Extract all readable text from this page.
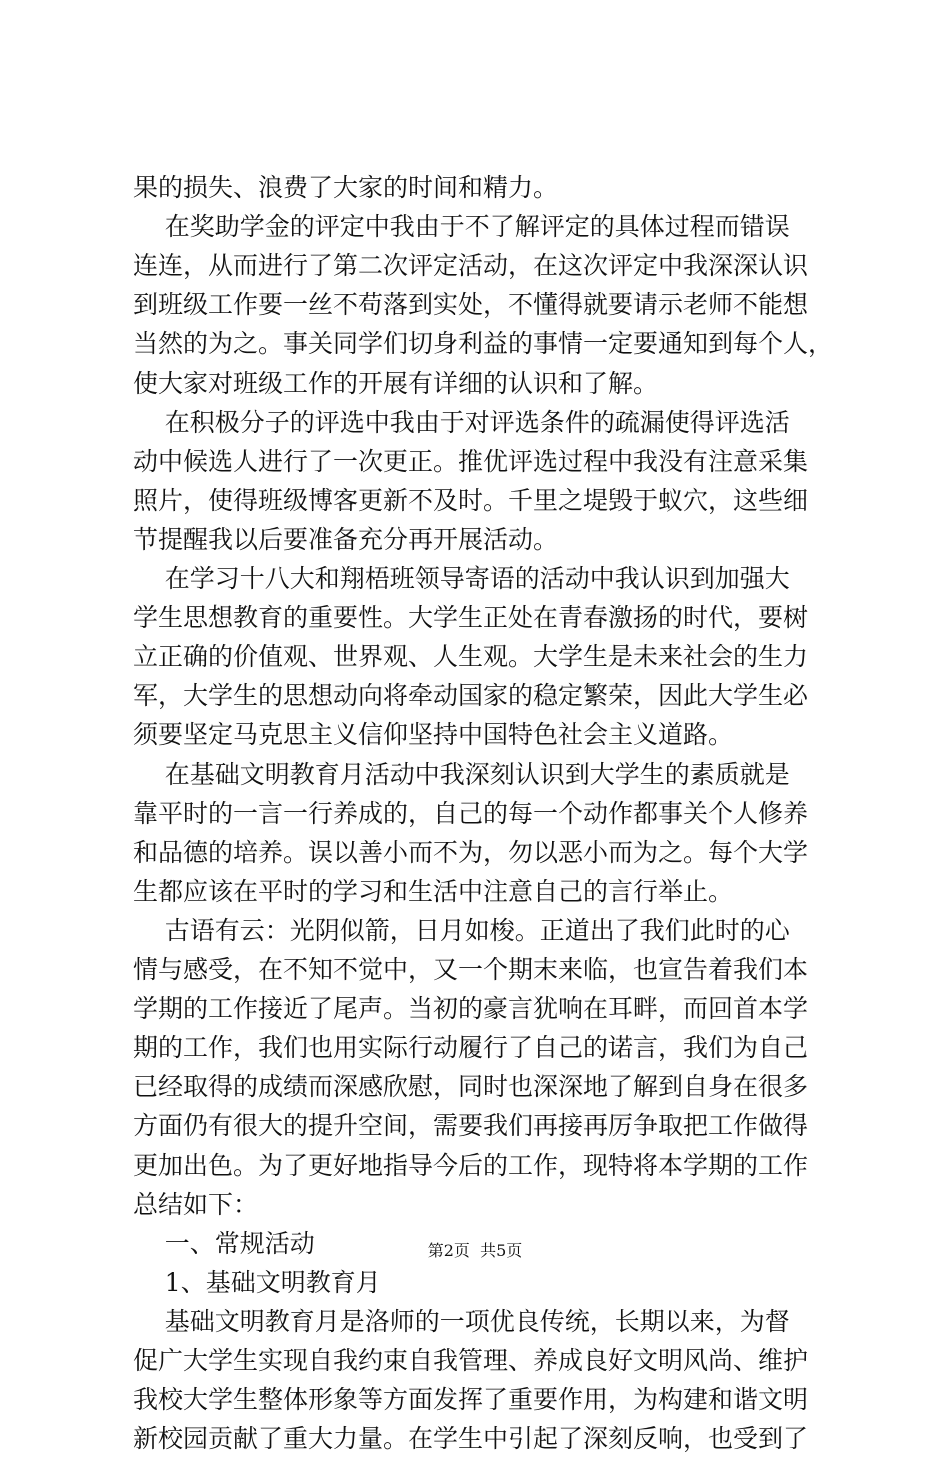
果的损失、浪费了大家的时间和精力。
在奖助学金的评定中我由于不了解评定的具体过程而错误
连连，从而进行了第二次评定活动，在这次评定中我深深认识
到班级工作要一丝不苟落到实处，不懂得就要请示老师不能想
当然的为之。事关同学们切身利益的事情一定要通知到每个人，
使大家对班级工作的开展有详细的认识和了解。
在积极分子的评选中我由于对评选条件的疏漏使得评选活
动中候选人进行了一次更正。推优评选过程中我没有注意采集
照片，使得班级博客更新不及时。千里之堤毁于蚁穴，这些细
节提醒我以后要准备充分再开展活动。
在学习十八大和翔梧班领导寄语的活动中我认识到加强大
学生思想教育的重要性。大学生正处在青春激扬的时代，要树
立正确的价值观、世界观、人生观。大学生是未来社会的生力
军，大学生的思想动向将牵动国家的稳定繁荣，因此大学生必
须要坚定马克思主义信仰坚持中国特色社会主义道路。
在基础文明教育月活动中我深刻认识到大学生的素质就是
靠平时的一言一行养成的，自己的每一个动作都事关个人修养
和品德的培养。误以善小而不为，勿以恶小而为之。每个大学
生都应该在平时的学习和生活中注意自己的言行举止。
古语有云：光阴似箭，日月如梭。正道出了我们此时的心
情与感受，在不知不觉中，又一个期末来临，也宣告着我们本
学期的工作接近了尾声。当初的豪言犹响在耳畔，而回首本学
期的工作，我们也用实际行动履行了自己的诺言，我们为自己
已经取得的成绩而深感欣慰，同时也深深地了解到自身在很多
方面仍有很大的提升空间，需要我们再接再厉争取把工作做得
更加出色。为了更好地指导今后的工作，现特将本学期的工作
总结如下：
一、常规活动
1、基础文明教育月
基础文明教育月是洛师的一项优良传统，长期以来，为督
促广大学生实现自我约束自我管理、养成良好文明风尚、维护
我校大学生整体形象等方面发挥了重要作用，为构建和谐文明
新校园贡献了重大力量。在学生中引起了深刻反响，也受到了
第2页  共5页
